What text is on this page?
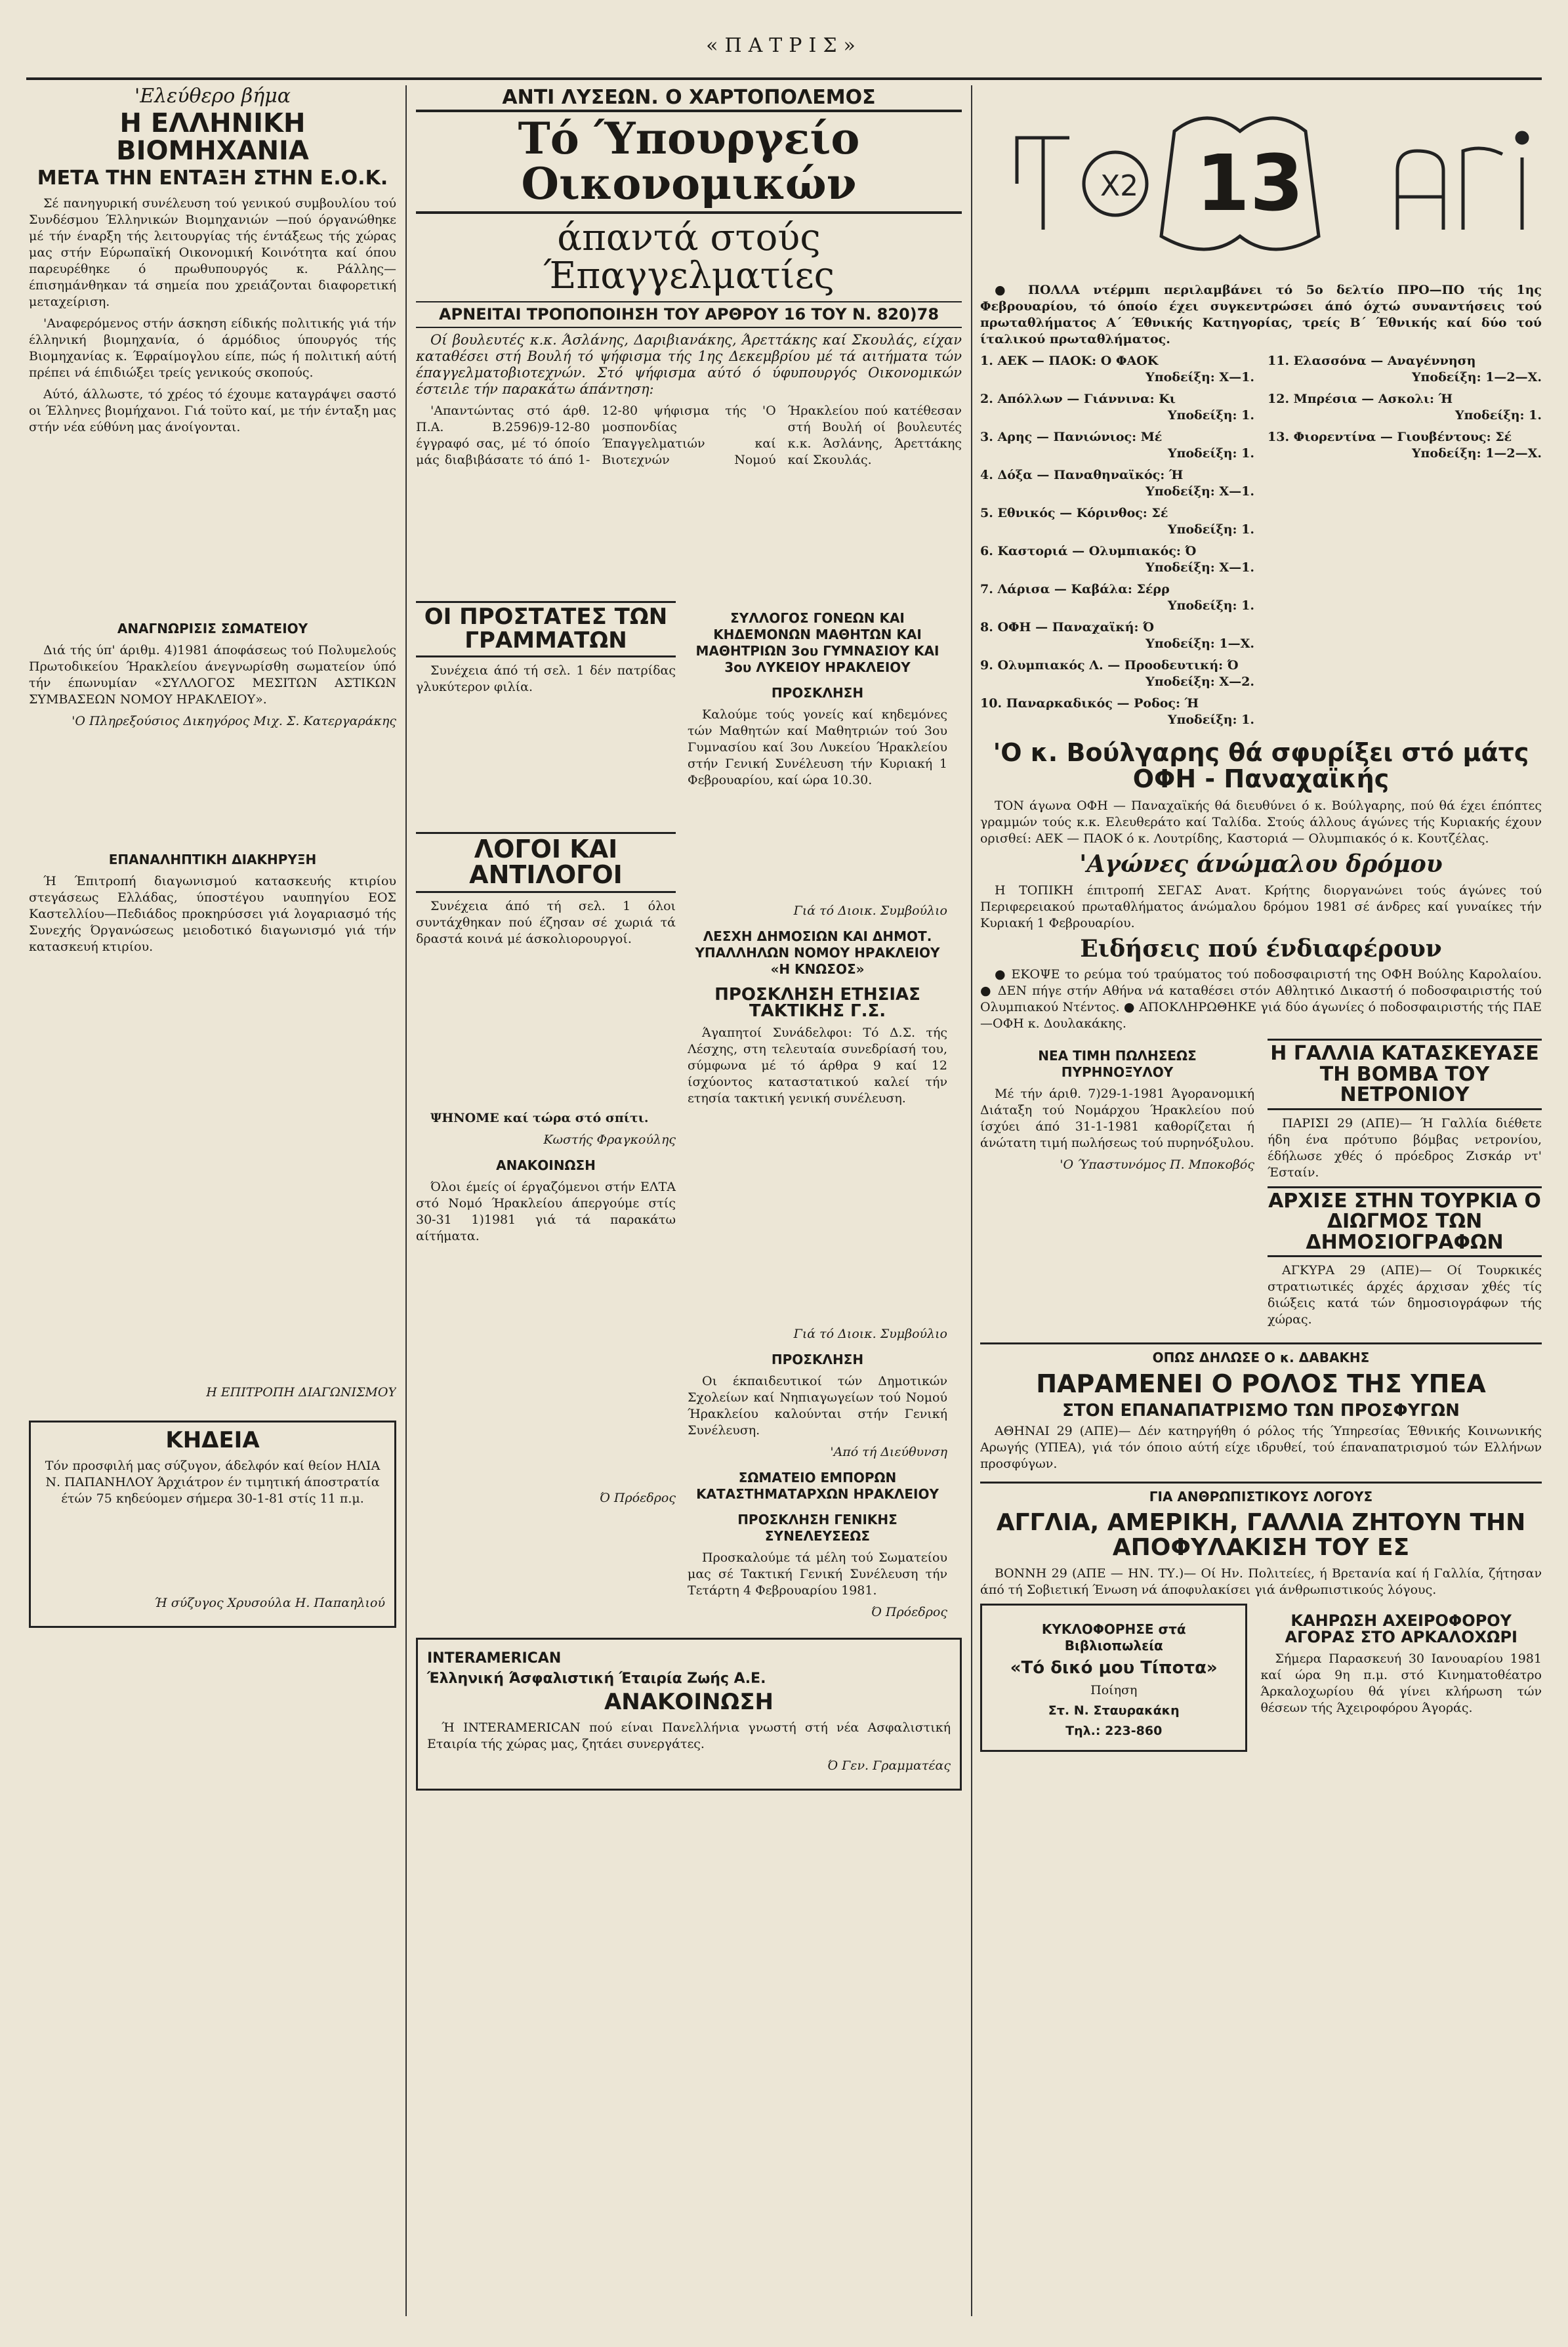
«ΠΑΤΡΙΣ»
'Ελεύθερο βήμα
Η ΕΛΛΗΝΙΚΗ ΒΙΟΜΗΧΑΝΙΑ
ΜΕΤΑ ΤΗΝ ΕΝΤΑΞΗ ΣΤΗΝ Ε.Ο.Κ.

Σέ πανηγυρική συνέλευση τού γενικού συμβουλίου τού Συνδέσμου Έλληνικών Βιομηχανιών —πού όργανώθηκε μέ τήν έναρξη τής λειτουργίας τής έντάξεως τής χώρας μας στήν Εύρωπαϊκή Οικονομική Κοινότητα καί όπου παρευρέθηκε ό πρωθυπουργός κ. Ράλλης— έπισημάνθηκαν τά σημεία που χρειάζονται διαφορετική μεταχείριση.

'Αναφερόμενος στήν άσκηση είδικής πολιτικής γιά τήν έλληνική βιομηχανία, ό άρμόδιος ύπουργός τής Βιομηχανίας κ. Έφραίμογλου είπε, πώς ή πολιτική αύτή πρέπει νά έπιδιώξει τρείς γενικούς σκοπούς.

Αύτό, άλλωστε, τό χρέος τό έχουμε καταγράψει σαστό οι Έλληνες βιομήχανοι. Γιά τοϋτο καί, με τήν ένταξη μας στήν νέα εύθύνη μας άνοίγονται.

ΑΝΑΓΝΩΡΙΣΙΣ ΣΩΜΑΤΕΙΟΥ

Διά τής ύπ' άριθμ. 4)1981 άποφάσεως τού Πολυμελούς Πρωτοδικείου Ήρακλείου άνεγνωρίσθη σωματείον ύπό τήν έπωνυμίαν «ΣΥΛΛΟΓΟΣ ΜΕΣΙΤΩΝ ΑΣΤΙΚΩΝ ΣΥΜΒΑΣΕΩΝ ΝΟΜΟΥ ΗΡΑΚΛΕΙΟΥ».

'Ο Πληρεξούσιος Δικηγόρος Μιχ. Σ. Κατεργαράκης
ΕΠΑΝΑΛΗΠΤΙΚΗ ΔΙΑΚΗΡΥΞΗ

Ή Έπιτροπή διαγωνισμού κατασκευής κτιρίου στεγάσεως Ελλάδας, ύποστέγου ναυπηγίου ΕΟΣ Καστελλίου—Πεδιάδος προκηρύσσει γιά λογαριασμό τής Συνεχής Όργανώσεως μειοδοτικό διαγωνισμό γιά τήν κατασκευή κτιρίου.

Η ΕΠΙΤΡΟΠΗ ΔΙΑΓΩΝΙΣΜΟΥ
ΚΗΔΕΙΑ

Τόν προσφιλή μας σύζυγον, άδελφόν καί θείον ΗΛΙΑ Ν. ΠΑΠΑΝΗΛΟΥ Άρχιάτρον έν τιμητική άποστρατία έτών 75 κηδεύομεν σήμερα 30-1-81 στίς 11 π.μ.

Ή σύζυγος Χρυσούλα Η. Παπαηλιού
ΑΝΤΙ ΛΥΣΕΩΝ. Ο ΧΑΡΤΟΠΟΛΕΜΟΣ
Τό Ύπουργείο Οικονομικών
άπαντά στούς Έπαγγελματίες
ΑΡΝΕΙΤΑΙ ΤΡΟΠΟΠΟΙΗΣΗ ΤΟΥ ΑΡΘΡΟΥ 16 ΤΟΥ Ν. 820)78

Οί βουλευτές κ.κ. Άσλάνης, Δαριβιανάκης, Άρεττάκης καί Σκουλάς, είχαν καταθέσει στή Βουλή τό ψήφισμα τής 1ης Δεκεμβρίου μέ τά αιτήματα τών έπαγγελματοβιοτεχνών. Στό ψήφισμα αύτό ό ύφυπουργός Οικονομικών έστειλε τήν παρακάτω άπάντηση:

'Απαντώντας στό άρθ. Π.Α. Β.2596)9-12-80 έγγραφό σας, μέ τό όποίο μάς διαβιβάσατε τό άπό 1-12-80 ψήφισμα τής 'Ο μοσπονδίας Έπαγγελματιών καί Βιοτεχνών Νομού Ήρακλείου πού κατέθεσαν στή Βουλή οί βουλευτές κ.κ. Άσλάνης, Άρεττάκης καί Σκουλάς.

ΟΙ ΠΡΟΣΤΑΤΕΣ ΤΩΝ ΓΡΑΜΜΑΤΩΝ

Συνέχεια άπό τή σελ. 1 δέν πατρίδας γλυκύτερον φιλία.

ΛΟΓΟΙ ΚΑΙ ΑΝΤΙΛΟΓΟΙ

Συνέχεια άπό τή σελ. 1 όλοι συντάχθηκαν πού έζησαν σέ χωριά τά δραστά κοινά μέ άσκολιορουργοί.

ΨΗΝΟΜΕ καί τώρα στό σπίτι.

Κωστής Φραγκούλης
ΑΝΑΚΟΙΝΩΣΗ

Όλοι έμείς οί έργαζόμενοι στήν ΕΛΤΑ στό Νομό Ήρακλείου άπεργούμε στίς 30-31 1)1981 γιά τά παρακάτω αίτήματα.

Ό Πρόεδρος
ΣΥΛΛΟΓΟΣ ΓΟΝΕΩΝ ΚΑΙ ΚΗΔΕΜΟΝΩΝ ΜΑΘΗΤΩΝ ΚΑΙ ΜΑΘΗΤΡΙΩΝ 3ου ΓΥΜΝΑΣΙΟΥ ΚΑΙ 3ου ΛΥΚΕΙΟΥ ΗΡΑΚΛΕΙΟΥ
ΠΡΟΣΚΛΗΣΗ

Καλούμε τούς γονείς καί κηδεμόνες τών Μαθητών καί Μαθητριών τού 3ου Γυμνασίου καί 3ου Λυκείου Ήρακλείου στήν Γενική Συνέλευση τήν Κυριακή 1 Φεβρουαρίου, καί ώρα 10.30.

Γιά τό Διοικ. Συμβούλιο
ΛΕΣΧΗ ΔΗΜΟΣΙΩΝ ΚΑΙ ΔΗΜΟΤ. ΥΠΑΛΛΗΛΩΝ ΝΟΜΟΥ ΗΡΑΚΛΕΙΟΥ «Η ΚΝΩΣΟΣ»
ΠΡΟΣΚΛΗΣΗ ΕΤΗΣΙΑΣ ΤΑΚΤΙΚΗΣ Γ.Σ.

Άγαπητοί Συνάδελφοι: Τό Δ.Σ. τής Λέσχης, στη τελευταία συνεδρίασή του, σύμφωνα μέ τό άρθρα 9 καί 12 ίσχύοντος καταστατικού καλεί τήν ετησία τακτική γενική συνέλευση.

Γιά τό Διοικ. Συμβούλιο
ΠΡΟΣΚΛΗΣΗ

Οι έκπαιδευτικοί τών Δημοτικών Σχολείων καί Νηπιαγωγείων τού Νομού Ήρακλείου καλούνται στήν Γενική Συνέλευση.

'Από τή Διεύθυνση
ΣΩΜΑΤΕΙΟ ΕΜΠΟΡΩΝ ΚΑΤΑΣΤΗΜΑΤΑΡΧΩΝ ΗΡΑΚΛΕΙΟΥ
ΠΡΟΣΚΛΗΣΗ ΓΕΝΙΚΗΣ ΣΥΝΕΛΕΥΣΕΩΣ

Προσκαλούμε τά μέλη τού Σωματείου μας σέ Τακτική Γενική Συνέλευση τήν Τετάρτη 4 Φεβρουαρίου 1981.

Ό Πρόεδρος
INTERAMERICAN
Έλληνική Άσφαλιστική Έταιρία Ζωής Α.Ε.
ΑΝΑΚΟΙΝΩΣΗ

Ή INTERAMERICAN πού είναι Πανελλήνια γνωστή στή νέα Ασφαλιστική Εταιρία τής χώρας μας, ζητάει συνεργάτες.

Ό Γεν. Γραμματέας
X2 13

● ΠΟΛΛΑ ντέρμπι περιλαμβάνει τό 5ο δελτίο ΠΡΟ—ΠΟ τής 1ης Φεβρουαρίου, τό όποίο έχει συγκεντρώσει άπό όχτώ συναντήσεις τού πρωταθλήματος Α΄ Έθνικής Κατηγορίας, τρείς Β΄ Έθνικής καί δύο τού ίταλικού πρωταθλήματος.

1. ΑΕΚ — ΠΑΟΚ: Ο ΦΑΟΚ
Υποδείξη: Χ—1.
2. Απόλλων — Γιάννινα: Κι
Υποδείξη: 1.
3. Αρης — Πανιώνιος: Μέ
Υποδείξη: 1.
4. Δόξα — Παναθηναϊκός: Ή
Υποδείξη: Χ—1.
5. Εθνικός — Κόρινθος: Σέ
Υποδείξη: 1.
6. Καστοριά — Ολυμπιακός: Ό
Υποδείξη: Χ—1.
7. Λάρισα — Καβάλα: Σέρρ
Υποδείξη: 1.
8. ΟΦΗ — Παναχαϊκή: Ό
Υποδείξη: 1—Χ.
9. Ολυμπιακός Λ. — Προοδευτική: Ό
Υποδείξη: Χ—2.
10. Παναρκαδικός — Ροδος: Ή
Υποδείξη: 1.
11. Ελασσόνα — Αναγέννηση
Υποδείξη: 1—2—Χ.
12. Μπρέσια — Ασκολι: Ή
Υποδείξη: 1.
13. Φιορεντίνα — Γιουβέντους: Σέ
Υποδείξη: 1—2—Χ.
'Ο κ. Βούλγαρης θά σφυρίξει στό μάτς ΟΦΗ - Παναχαϊκής

ΤΟΝ άγωνα ΟΦΗ — Παναχαϊκής θά διευθύνει ό κ. Βούλγαρης, πού θά έχει έπόπτες γραμμών τούς κ.κ. Ελευθεράτο καί Ταλίδα. Στούς άλλους άγώνες τής Κυριακής έχουν ορισθεί: ΑΕΚ — ΠΑΟΚ ό κ. Λουτρίδης, Καστοριά — Ολυμπιακός ό κ. Κουτζέλας.

'Αγώνες άνώμαλου δρόμου

Η ΤΟΠΙΚΗ έπιτροπή ΣΕΓΑΣ Ανατ. Κρήτης διοργανώνει τούς άγώνες τού Περιφερειακού πρωταθλήματος άνώμαλου δρόμου 1981 σέ άνδρες καί γυναίκες τήν Κυριακή 1 Φεβρουαρίου.

Ειδήσεις πού ένδιαφέρουν

● ΕΚΟΨΕ το ρεύμα τού τραύματος τού ποδοσφαιριστή της ΟΦΗ Βούλης Καρολαίου. ● ΔΕΝ πήγε στήν Αθήνα νά καταθέσει στόν Αθλητικό Δικαστή ό ποδοσφαιριστής τού Ολυμπιακού Ντέντος. ● ΑΠΟΚΛΗΡΩΘΗΚΕ γιά δύο άγωνίες ό ποδοσφαιριστής τής ΠΑΕ—ΟΦΗ κ. Δουλακάκης.

ΝΕΑ ΤΙΜΗ ΠΩΛΗΣΕΩΣ ΠΥΡΗΝΟΞΥΛΟΥ

Μέ τήν άριθ. 7)29-1-1981 Άγορανομική Διάταξη τού Νομάρχου Ήρακλείου πού ίσχύει άπό 31-1-1981 καθορίζεται ή άνώτατη τιμή πωλήσεως τού πυρηνόξυλου.

'Ο Ύπαστυνόμος Π. Μποκοβός
Η ΓΑΛΛΙΑ ΚΑΤΑΣΚΕΥΑΣΕ ΤΗ ΒΟΜΒΑ ΤΟΥ ΝΕΤΡΟΝΙΟΥ

ΠΑΡΙΣΙ 29 (ΑΠΕ)— Ή Γαλλία διέθετε ήδη ένα πρότυπο βόμβας νετρονίου, έδήλωσε χθές ό πρόεδρος Ζισκάρ ντ' Έσταίν.

ΑΡΧΙΣΕ ΣΤΗΝ ΤΟΥΡΚΙΑ Ο ΔΙΩΓΜΟΣ ΤΩΝ ΔΗΜΟΣΙΟΓΡΑΦΩΝ

ΑΓΚΥΡΑ 29 (ΑΠΕ)— Οί Τουρκικές στρατιωτικές άρχές άρχισαν χθές τίς διώξεις κατά τών δημοσιογράφων τής χώρας.

ΟΠΩΣ ΔΗΛΩΣΕ Ο κ. ΔΑΒΑΚΗΣ
ΠΑΡΑΜΕΝΕΙ Ο ΡΟΛΟΣ ΤΗΣ ΥΠΕΑ
ΣΤΟΝ ΕΠΑΝΑΠΑΤΡΙΣΜΟ ΤΩΝ ΠΡΟΣΦΥΓΩΝ

ΑΘΗΝΑΙ 29 (ΑΠΕ)— Δέν κατηργήθη ό ρόλος τής Ύπηρεσίας Έθνικής Κοινωνικής Αρωγής (ΥΠΕΑ), γιά τόν όποιο αύτή είχε ιδρυθεί, τού έπαναπατρισμού τών Ελλήνων προσφύγων.

ΓΙΑ ΑΝΘΡΩΠΙΣΤΙΚΟΥΣ ΛΟΓΟΥΣ
ΑΓΓΛΙΑ, ΑΜΕΡΙΚΗ, ΓΑΛΛΙΑ ΖΗΤΟΥΝ ΤΗΝ ΑΠΟΦΥΛΑΚΙΣΗ ΤΟΥ ΕΣ

ΒΟΝΝΗ 29 (ΑΠΕ — ΗΝ. ΤΥ.)— Οί Ην. Πολιτείες, ή Βρετανία καί ή Γαλλία, ζήτησαν άπό τή Σοβιετική Ένωση νά άποφυλακίσει γιά άνθρωπιστικούς λόγους.

ΚΥΚΛΟΦΟΡΗΣΕ στά Βιβλιοπωλεία
«Τό δικό μου Τίποτα»
Ποίηση
Στ. Ν. Σταυρακάκη
Τηλ.: 223-860
ΚΑΗΡΩΣΗ ΑΧΕΙΡΟΦΟΡΟΥ ΑΓΟΡΑΣ ΣΤΟ ΑΡΚΑΛΟΧΩΡΙ

Σήμερα Παρασκευή 30 Ιανουαρίου 1981 καί ώρα 9η π.μ. στό Κινηματοθέατρο Άρκαλοχωρίου θά γίνει κλήρωση τών θέσεων τής Άχειροφόρου Άγοράς.
